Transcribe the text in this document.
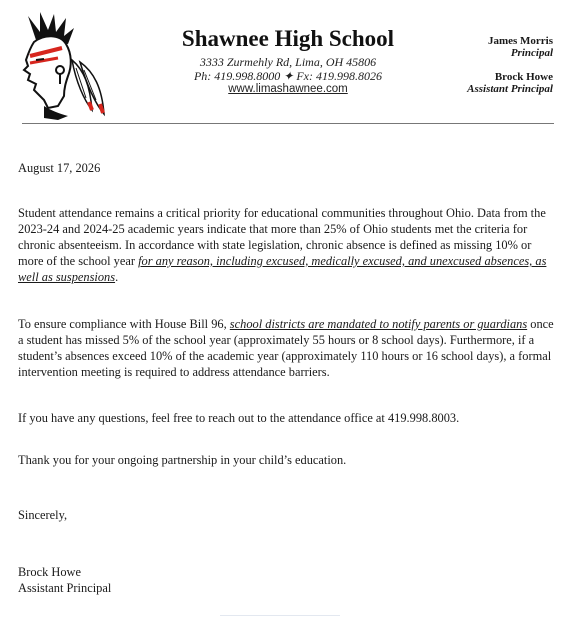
Shawnee High School
3333 Zurmehly Rd, Lima, OH 45806
Ph: 419.998.8000 ✦ Fx: 419.998.8026
www.limashawnee.com
James Morris
Principal
Brock Howe
Assistant Principal
August 17, 2026

Student attendance remains a critical priority for educational communities throughout Ohio. Data from the 2023-24 and 2024-25 academic years indicate that more than 25% of Ohio students met the criteria for chronic absenteeism. In accordance with state legislation, chronic absence is defined as missing 10% or more of the school year for any reason, including excused, medically excused, and unexcused absences, as well as suspensions.

To ensure compliance with House Bill 96, school districts are mandated to notify parents or guardians once a student has missed 5% of the school year (approximately 55 hours or 8 school days). Furthermore, if a student’s absences exceed 10% of the academic year (approximately 110 hours or 16 school days), a formal intervention meeting is required to address attendance barriers.

If you have any questions, feel free to reach out to the attendance office at 419.998.8003.
Thank you for your ongoing partnership in your child’s education.
Sincerely,
Brock Howe
Assistant Principal
